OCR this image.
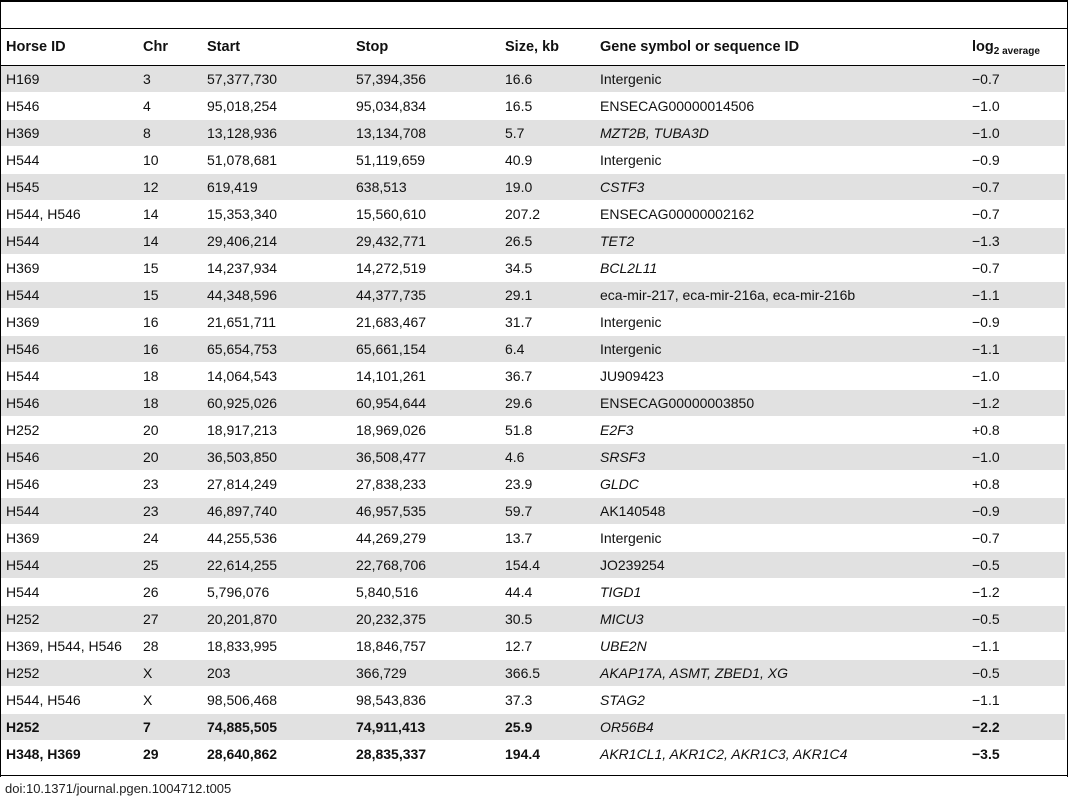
Horse ID	Chr	Start	Stop	Size, kb	Gene symbol or sequence ID	$\log_{2 average}$
H169	3	57,377,730	57,394,356	16.6	Intergenic	−0.7
H546	4	95,018,254	95,034,834	16.5	ENSECAG00000014506	−1.0
H369	8	13,128,936	13,134,708	5.7	MZT2B, TUBA3D	−1.0
H544	10	51,078,681	51,119,659	40.9	Intergenic	−0.9
H545	12	619,419	638,513	19.0	CSTF3	−0.7
H544, H546	14	15,353,340	15,560,610	207.2	ENSECAG00000002162	−0.7
H544	14	29,406,214	29,432,771	26.5	TET2	−1.3
H369	15	14,237,934	14,272,519	34.5	BCL2L11	−0.7
H544	15	44,348,596	44,377,735	29.1	eca-mir-217, eca-mir-216a, eca-mir-216b	−1.1
H369	16	21,651,711	21,683,467	31.7	Intergenic	−0.9
H546	16	65,654,753	65,661,154	6.4	Intergenic	−1.1
H544	18	14,064,543	14,101,261	36.7	JU909423	−1.0
H546	18	60,925,026	60,954,644	29.6	ENSECAG00000003850	−1.2
H252	20	18,917,213	18,969,026	51.8	E2F3	+0.8
H546	20	36,503,850	36,508,477	4.6	SRSF3	−1.0
H546	23	27,814,249	27,838,233	23.9	GLDC	+0.8
H544	23	46,897,740	46,957,535	59.7	AK140548	−0.9
H369	24	44,255,536	44,269,279	13.7	Intergenic	−0.7
H544	25	22,614,255	22,768,706	154.4	JO239254	−0.5
H544	26	5,796,076	5,840,516	44.4	TIGD1	−1.2
H252	27	20,201,870	20,232,375	30.5	MICU3	−0.5
H369, H544, H546	28	18,833,995	18,846,757	12.7	UBE2N	−1.1
H252	X	203	366,729	366.5	AKAP17A, ASMT, ZBED1, XG	−0.5
H544, H546	X	98,506,468	98,543,836	37.3	STAG2	−1.1
H252	7	74,885,505	74,911,413	25.9	OR56B4	−2.2
H348, H369	29	28,640,862	28,835,337	194.4	AKR1CL1, AKR1C2, AKR1C3, AKR1C4	−3.5
doi:10.1371/journal.pgen.1004712.t005
